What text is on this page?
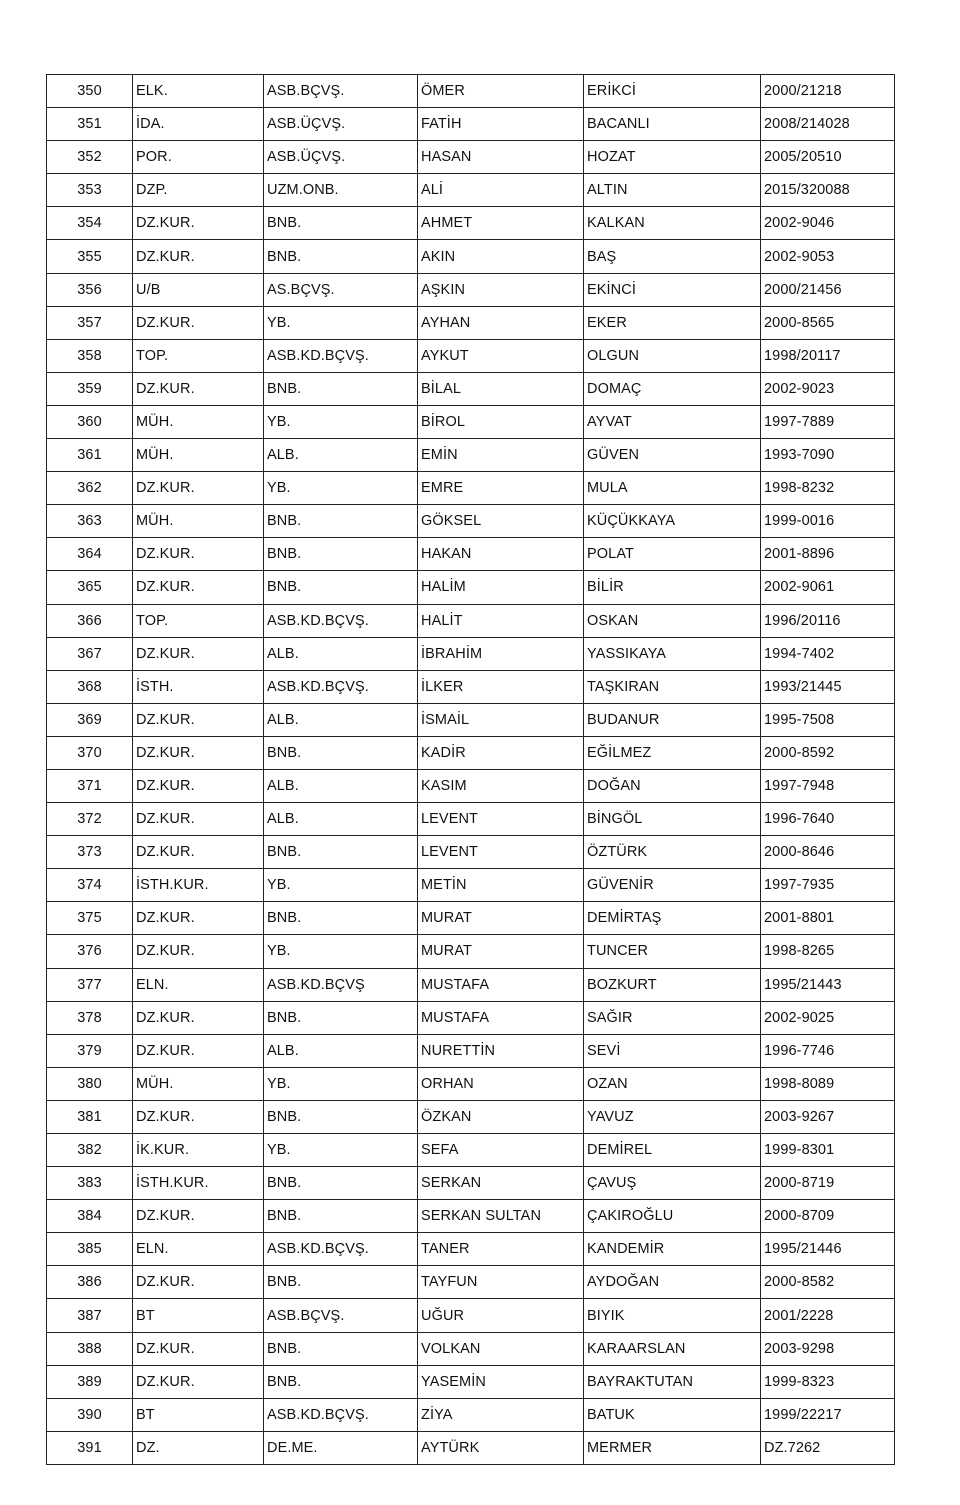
350	ELK.	ASB.BÇVŞ.	ÖMER	ERİKCİ	2000/21218
351	İDA.	ASB.ÜÇVŞ.	FATİH	BACANLI	2008/214028
352	POR.	ASB.ÜÇVŞ.	HASAN	HOZAT	2005/20510
353	DZP.	UZM.ONB.	ALİ	ALTIN	2015/320088
354	DZ.KUR.	BNB.	AHMET	KALKAN	2002-9046
355	DZ.KUR.	BNB.	AKIN	BAŞ	2002-9053
356	U/B	AS.BÇVŞ.	AŞKIN	EKİNCİ	2000/21456
357	DZ.KUR.	YB.	AYHAN	EKER	2000-8565
358	TOP.	ASB.KD.BÇVŞ.	AYKUT	OLGUN	1998/20117
359	DZ.KUR.	BNB.	BİLAL	DOMAÇ	2002-9023
360	MÜH.	YB.	BİROL	AYVAT	1997-7889
361	MÜH.	ALB.	EMİN	GÜVEN	1993-7090
362	DZ.KUR.	YB.	EMRE	MULA	1998-8232
363	MÜH.	BNB.	GÖKSEL	KÜÇÜKKAYA	1999-0016
364	DZ.KUR.	BNB.	HAKAN	POLAT	2001-8896
365	DZ.KUR.	BNB.	HALİM	BİLİR	2002-9061
366	TOP.	ASB.KD.BÇVŞ.	HALİT	OSKAN	1996/20116
367	DZ.KUR.	ALB.	İBRAHİM	YASSIKAYA	1994-7402
368	İSTH.	ASB.KD.BÇVŞ.	İLKER	TAŞKIRAN	1993/21445
369	DZ.KUR.	ALB.	İSMAİL	BUDANUR	1995-7508
370	DZ.KUR.	BNB.	KADİR	EĞİLMEZ	2000-8592
371	DZ.KUR.	ALB.	KASIM	DOĞAN	1997-7948
372	DZ.KUR.	ALB.	LEVENT	BİNGÖL	1996-7640
373	DZ.KUR.	BNB.	LEVENT	ÖZTÜRK	2000-8646
374	İSTH.KUR.	YB.	METİN	GÜVENİR	1997-7935
375	DZ.KUR.	BNB.	MURAT	DEMİRTAŞ	2001-8801
376	DZ.KUR.	YB.	MURAT	TUNCER	1998-8265
377	ELN.	ASB.KD.BÇVŞ	MUSTAFA	BOZKURT	1995/21443
378	DZ.KUR.	BNB.	MUSTAFA	SAĞIR	2002-9025
379	DZ.KUR.	ALB.	NURETTİN	SEVİ	1996-7746
380	MÜH.	YB.	ORHAN	OZAN	1998-8089
381	DZ.KUR.	BNB.	ÖZKAN	YAVUZ	2003-9267
382	İK.KUR.	YB.	SEFA	DEMİREL	1999-8301
383	İSTH.KUR.	BNB.	SERKAN	ÇAVUŞ	2000-8719
384	DZ.KUR.	BNB.	SERKAN SULTAN	ÇAKIROĞLU	2000-8709
385	ELN.	ASB.KD.BÇVŞ.	TANER	KANDEMİR	1995/21446
386	DZ.KUR.	BNB.	TAYFUN	AYDOĞAN	2000-8582
387	BT	ASB.BÇVŞ.	UĞUR	BIYIK	2001/2228
388	DZ.KUR.	BNB.	VOLKAN	KARAARSLAN	2003-9298
389	DZ.KUR.	BNB.	YASEMİN	BAYRAKTUTAN	1999-8323
390	BT	ASB.KD.BÇVŞ.	ZİYA	BATUK	1999/22217
391	DZ.	DE.ME.	AYTÜRK	MERMER	DZ.7262
